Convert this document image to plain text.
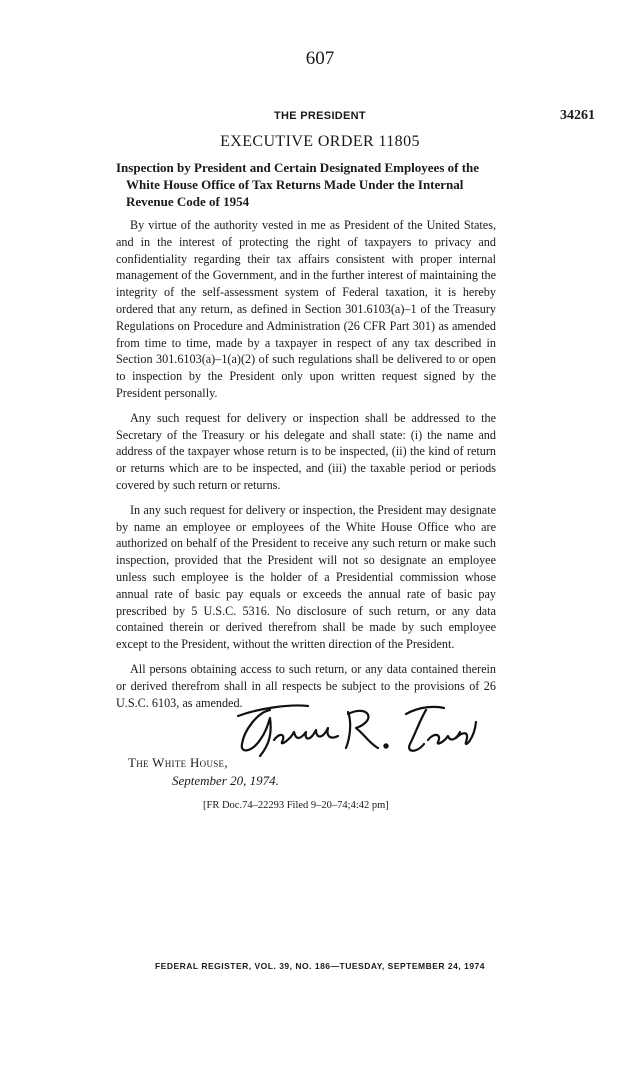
607
THE PRESIDENT	34261
EXECUTIVE ORDER 11805
Inspection by President and Certain Designated Employees of the
White House Office of Tax Returns Made Under the Internal
Revenue Code of 1954

By virtue of the authority vested in me as President of the United States, and in the interest of protecting the right of taxpayers to privacy and confidentiality regarding their tax affairs consistent with proper internal management of the Government, and in the further interest of maintaining the integrity of the self-assessment system of Federal taxation, it is hereby ordered that any return, as defined in Section 301.6103(a)–1 of the Treasury Regulations on Procedure and Administration (26 CFR Part 301) as amended from time to time, made by a taxpayer in respect of any tax described in Section 301.6103(a)–1(a)(2) of such regulations shall be delivered to or open to inspection by the President only upon written request signed by the President personally.

Any such request for delivery or inspection shall be addressed to the Secretary of the Treasury or his delegate and shall state: (i) the name and address of the taxpayer whose return is to be inspected, (ii) the kind of return or returns which are to be inspected, and (iii) the taxable period or periods covered by such return or returns.

In any such request for delivery or inspection, the President may designate by name an employee or employees of the White House Office who are authorized on behalf of the President to receive any such return or make such inspection, provided that the President will not so designate an employee unless such employee is the holder of a Presidential commission whose annual rate of basic pay equals or exceeds the annual rate of basic pay prescribed by 5 U.S.C. 5316. No disclosure of such return, or any data contained therein or derived therefrom shall be made by such employee except to the President, without the written direction of the President.

All persons obtaining access to such return, or any data contained therein or derived therefrom shall in all respects be subject to the provisions of 26 U.S.C. 6103, as amended.

The White House,
September 20, 1974.
[FR Doc.74–22293 Filed 9–20–74;4:42 pm]
FEDERAL REGISTER, VOL. 39, NO. 186—TUESDAY, SEPTEMBER 24, 1974
